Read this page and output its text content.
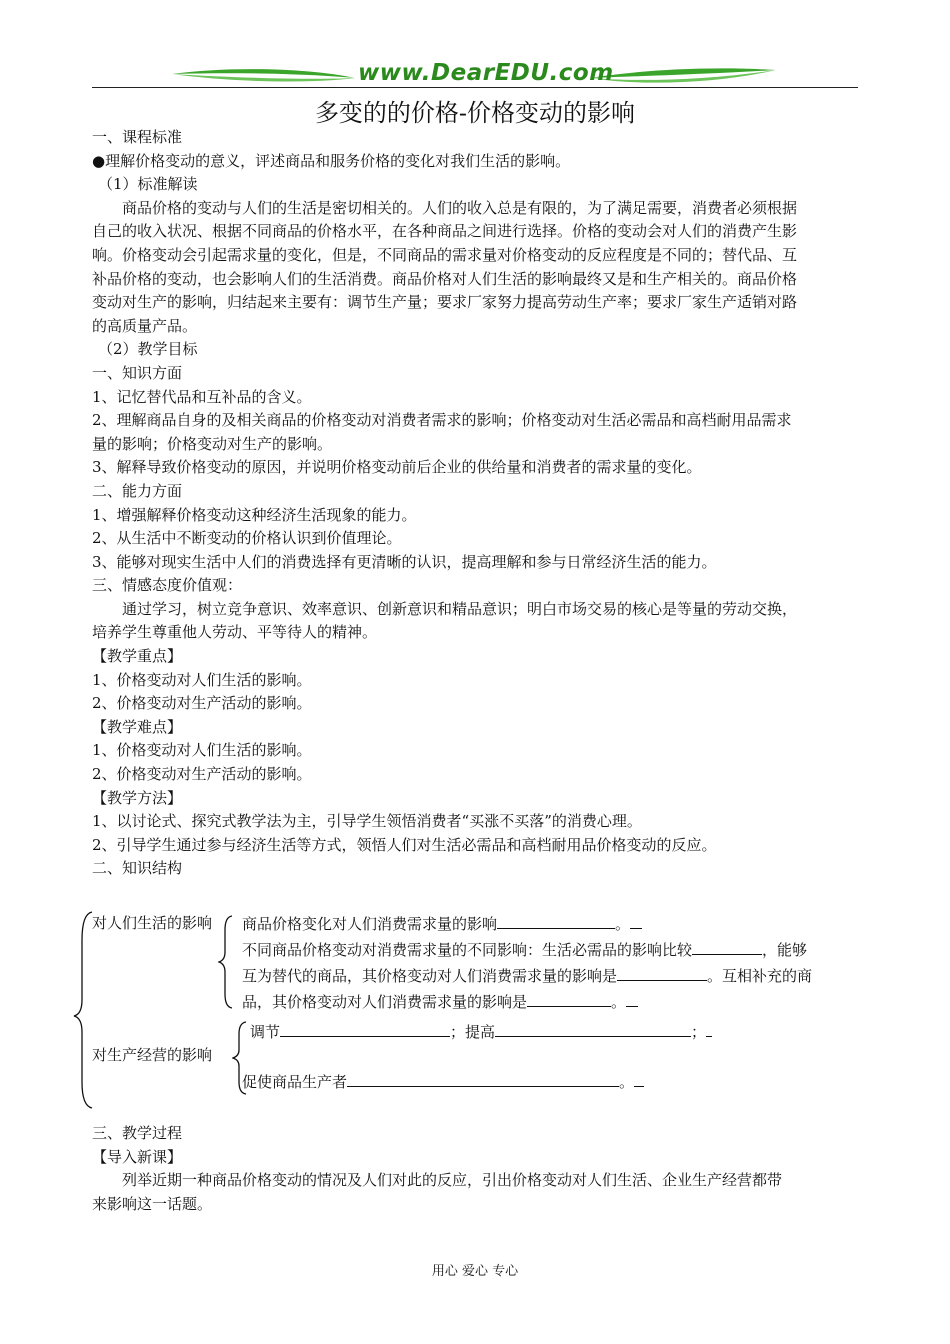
www.DearEDU.com
多变的的价格-价格变动的影响

一、课程标准

●理解价格变动的意义，评述商品和服务价格的变化对我们生活的影响。

（1）标准解读

商品价格的变动与人们的生活是密切相关的。人们的收入总是有限的，为了满足需要，消费者必须根据

自己的收入状况、根据不同商品的价格水平，在各种商品之间进行选择。价格的变动会对人们的消费产生影

响。价格变动会引起需求量的变化，但是，不同商品的需求量对价格变动的反应程度是不同的；替代品、互

补品价格的变动，也会影响人们的生活消费。商品价格对人们生活的影响最终又是和生产相关的。商品价格

变动对生产的影响，归结起来主要有：调节生产量；要求厂家努力提高劳动生产率；要求厂家生产适销对路

的高质量产品。

（2）教学目标

一、知识方面

1、记忆替代品和互补品的含义。

2、理解商品自身的及相关商品的价格变动对消费者需求的影响；价格变动对生活必需品和高档耐用品需求

量的影响；价格变动对生产的影响。

3、解释导致价格变动的原因，并说明价格变动前后企业的供给量和消费者的需求量的变化。

二、能力方面

1、增强解释价格变动这种经济生活现象的能力。

2、从生活中不断变动的价格认识到价值理论。

3、能够对现实生活中人们的消费选择有更清晰的认识，提高理解和参与日常经济生活的能力。

三、情感态度价值观：

通过学习，树立竞争意识、效率意识、创新意识和精品意识；明白市场交易的核心是等量的劳动交换，

培养学生尊重他人劳动、平等待人的精神。

【教学重点】

1、价格变动对人们生活的影响。

2、价格变动对生产活动的影响。

【教学难点】

1、价格变动对人们生活的影响。

2、价格变动对生产活动的影响。

【教学方法】

1、以讨论式、探究式教学法为主，引导学生领悟消费者“买涨不买落”的消费心理。

2、引导学生通过参与经济生活等方式，领悟人们对生活必需品和高档耐用品价格变动的反应。

二、知识结构

对人们生活的影响 商品价格变化对人们消费需求量的影响	。
不同商品价格变动对消费需求量的不同影响：生活必需品的影响比较	，能够
互为替代的商品，其价格变动对人们消费需求量的影响是	。互相补充的商
品，其价格变动对人们消费需求量的影响是	。
对生产经营的影响
调节	；提高	；
促使商品生产者	。

三、教学过程

【导入新课】

列举近期一种商品价格变动的情况及人们对此的反应，引出价格变动对人们生活、企业生产经营都带

来影响这一话题。

用心 爱心 专心
